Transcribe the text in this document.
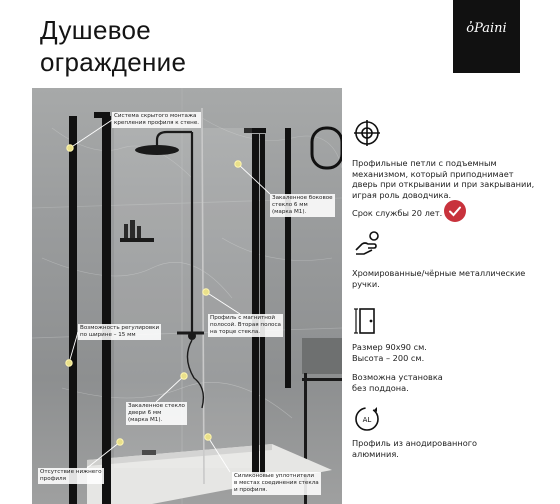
Душевое
ограждение
ὀPaini
Система скрытого монтажа
крепления профиля к стене.
Закаленное боковое
стекло 6 мм
(марка М1).
Возможность регулировки
по ширине – 15 мм
Профиль с магнитной
полосой. Вторая полоса
на торце стекла.
Закаленное стекло
двери 6 мм
(марка М1).
Отсутствие нижнего
профиля	Силиконовые уплотнители
в местах соединения стекла
и профиля.
Профильные петли с подъемным
механизмом, который приподнимает
дверь при открывании и при закрывании,
играя роль доводчика.
Срок службы 20 лет.
Хромированные/чёрные металлические
ручки.
Размер 90х90 см.
Высота – 200 см.
Возможна установка
без поддона.
AL
Профиль из анодированного
алюминия.
